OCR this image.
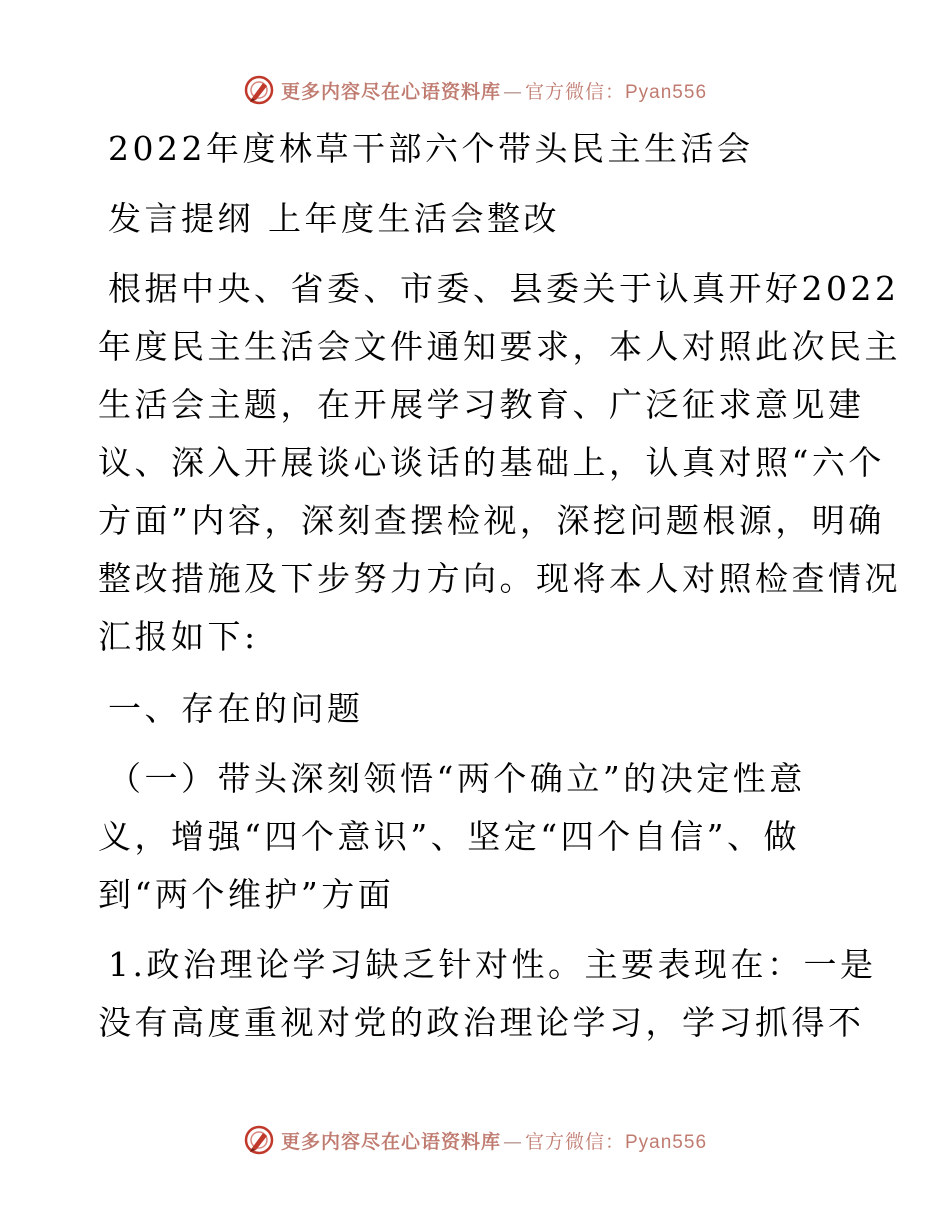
更多内容尽在心语资料库 — 官方微信：Pyan556

2022年度林草干部六个带头民主生活会

发言提纲 上年度生活会整改

根据中央、省委、市委、县委关于认真开好2022

年度民主生活会文件通知要求，本人对照此次民主

生活会主题，在开展学习教育、广泛征求意见建

议、深入开展谈心谈话的基础上，认真对照“六个

方面”内容，深刻查摆检视，深挖问题根源，明确

整改措施及下步努力方向。现将本人对照检查情况

汇报如下:

一、存在的问题

（一）带头深刻领悟“两个确立”的决定性意

义，增强“四个意识”、坚定“四个自信”、做

到“两个维护”方面

1.政治理论学习缺乏针对性。主要表现在：一是

没有高度重视对党的政治理论学习，学习抓得不

更多内容尽在心语资料库 — 官方微信：Pyan556
